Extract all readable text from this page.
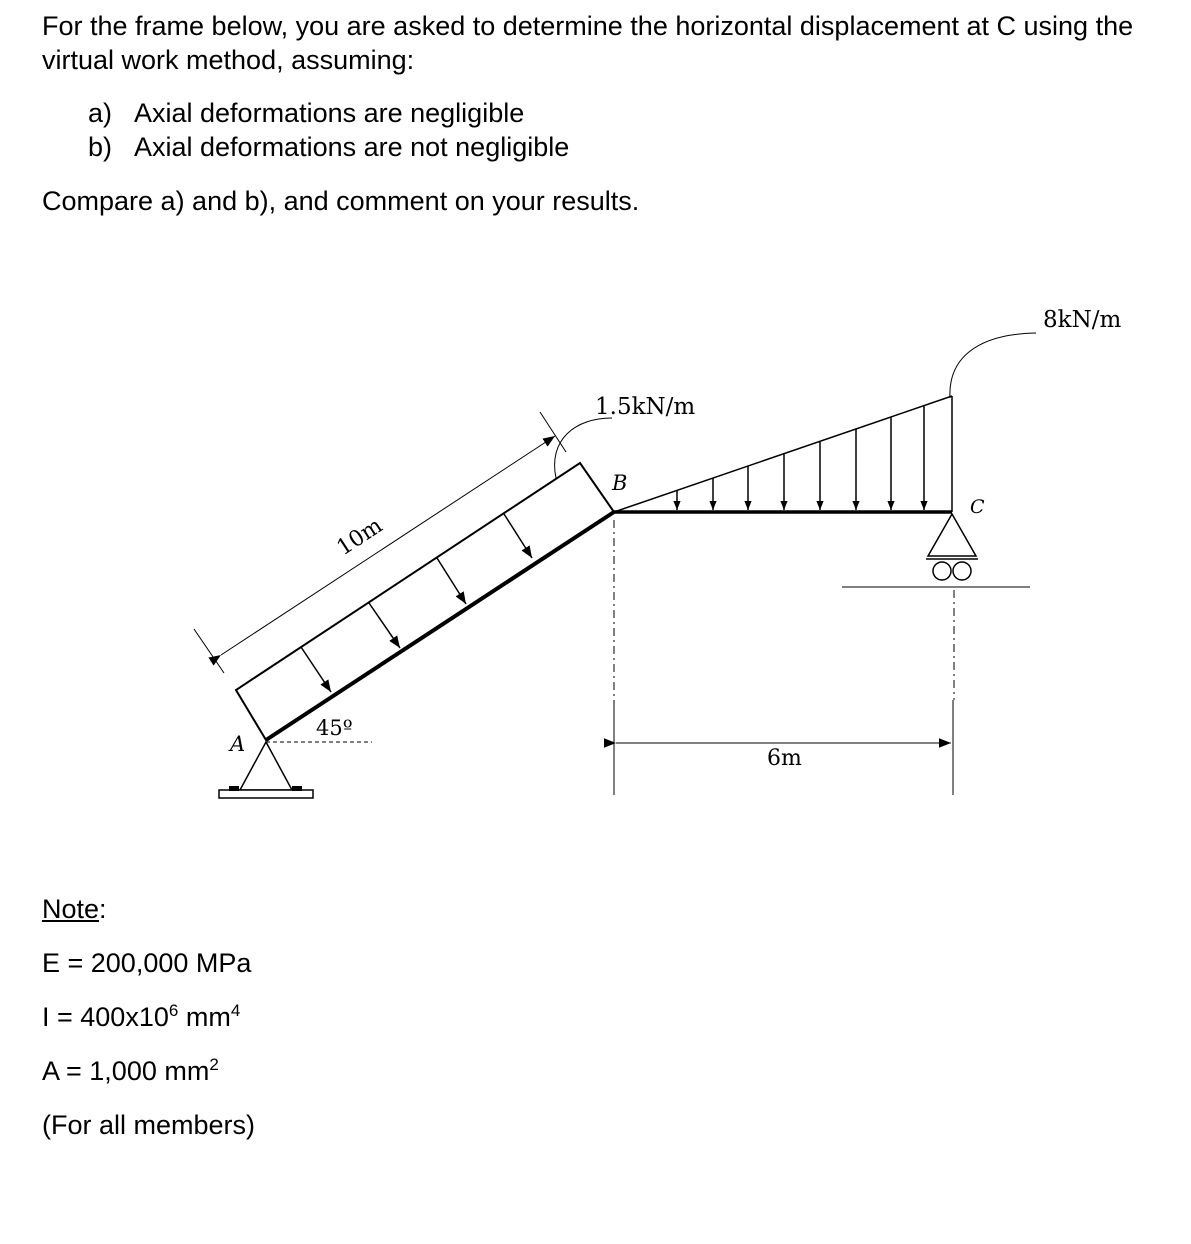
For the frame below, you are asked to determine the horizontal displacement at C using the virtual work method, assuming:
a) Axial deformations are negligible
b) Axial deformations are not negligible
Compare a) and b), and comment on your results.
A
B
C
45º
6m
10m
1.5kN/m
8kN/m
Note:
E = 200,000 MPa
$I = 400x10^6$ $mm^4$
A = 1,000 $mm^2$
(For all members)
